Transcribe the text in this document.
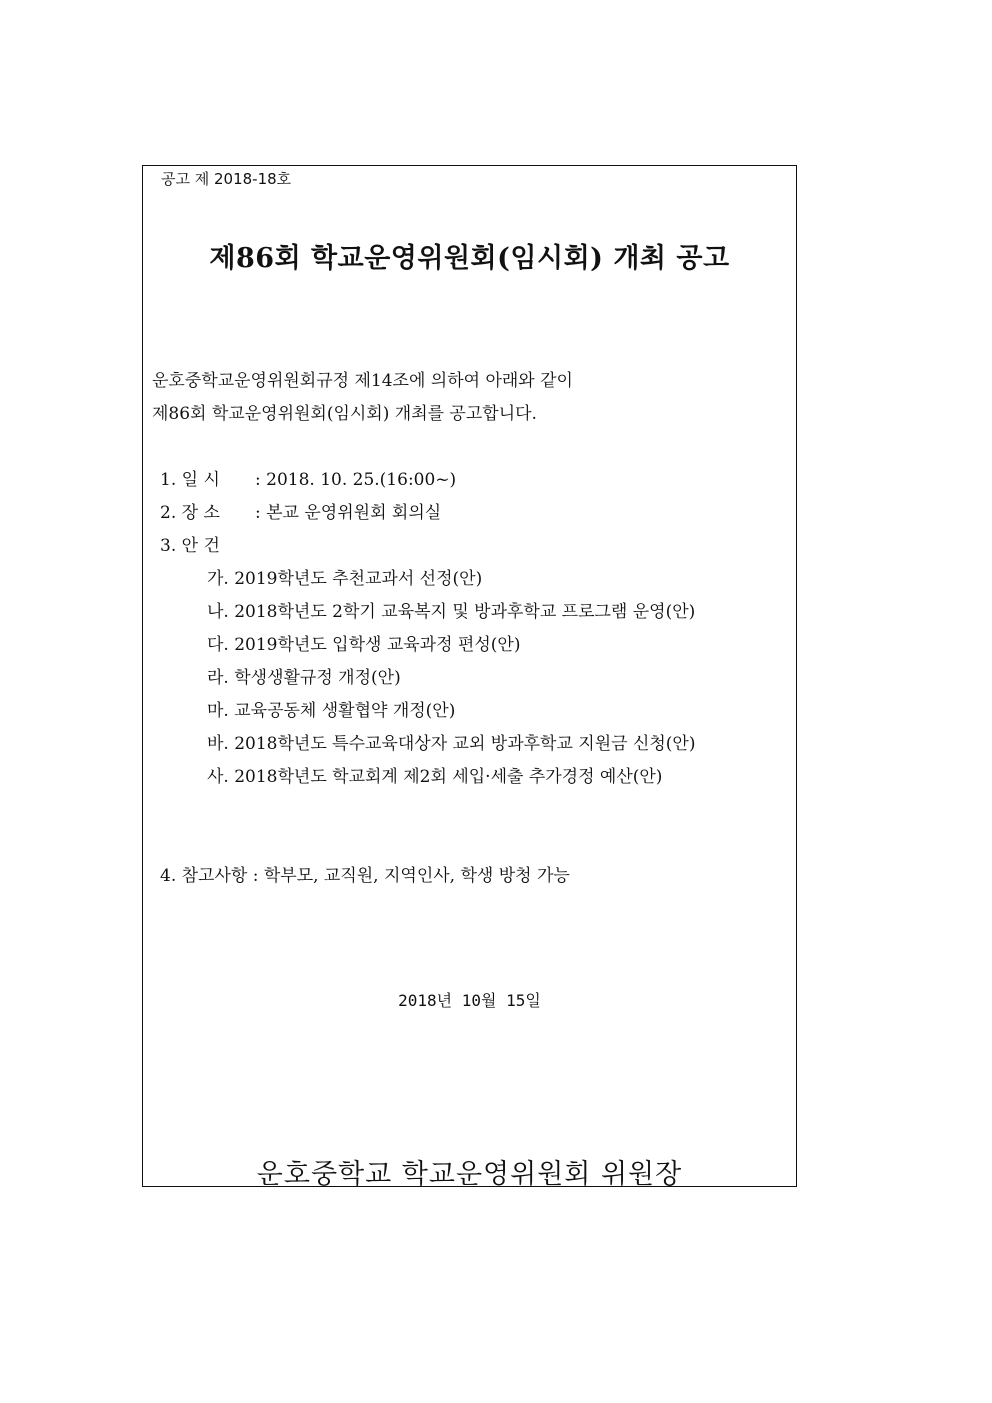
공고 제 2018-18호
제86회 학교운영위원회(임시회) 개최 공고
운호중학교운영위원회규정 제14조에 의하여 아래와 같이
제86회 학교운영위원회(임시회) 개최를 공고합니다.
1. 일 시 : 2018. 10. 25.(16:00~)
2. 장 소 : 본교 운영위원회 회의실
3. 안 건
가. 2019학년도 추천교과서 선정(안)
나. 2018학년도 2학기 교육복지 및 방과후학교 프로그램 운영(안)
다. 2019학년도 입학생 교육과정 편성(안)
라. 학생생활규정 개정(안)
마. 교육공동체 생활협약 개정(안)
바. 2018학년도 특수교육대상자 교외 방과후학교 지원금 신청(안)
사. 2018학년도 학교회계 제2회 세입·세출 추가경정 예산(안)
4. 참고사항 : 학부모, 교직원, 지역인사, 학생 방청 가능
2018년 10월 15일
운호중학교 학교운영위원회 위원장
